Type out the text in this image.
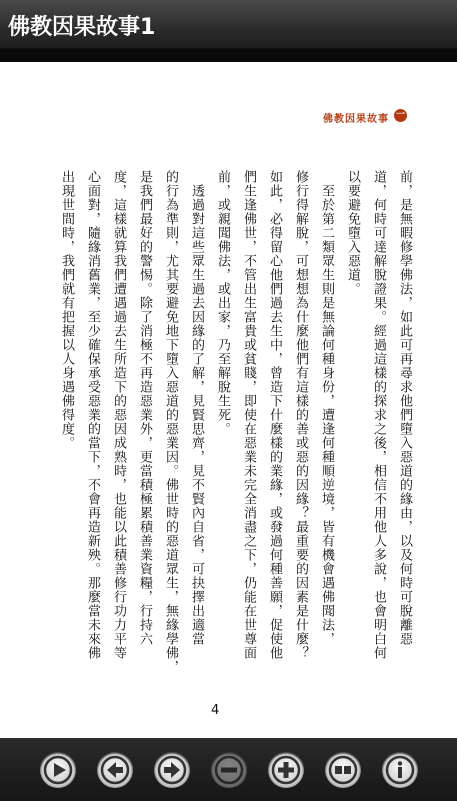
佛教因果故事1
佛教因果故事 一
前，是無暇修學佛法，如此可再尋求他們墮入惡道的緣由，以及何時可脫離惡
道，何時可達解脫證果。經過這樣的探求之後，相信不用他人多說，也會明白何
以要避免墮入惡道。
　至於第二類眾生則是無論何種身份，遭逢何種順逆境，皆有機會遇佛聞法，
修行得解脫，可想想為什麼他們有這樣的善或惡的因緣？最重要的因素是什麼？
如此，必得留心他們過去生中，曾造下什麼樣的業緣，或發過何種善願，促使他
們生逢佛世，不管出生富貴或貧賤，即使在惡業未完全消盡之下，仍能在世尊面
前，或親聞佛法，或出家，乃至解脫生死。
　透過對這些眾生過去因緣的了解，見賢思齊，見不賢內自省，可抉擇出適當
的行為準則，尤其要避免地下墮入惡道的惡業因。佛世時的惡道眾生，無緣學佛，
是我們最好的警惕。除了消極不再造惡業外，更當積極累積善業資糧，行持六
度，這樣就算我們遭遇過去生所造下的惡因成熟時，也能以此積善修行功力平等
心面對，隨緣消舊業，至少確保承受惡業的當下，不會再造新殃。那麼當未來佛
出現世間時，我們就有把握以人身遇佛得度。
4
